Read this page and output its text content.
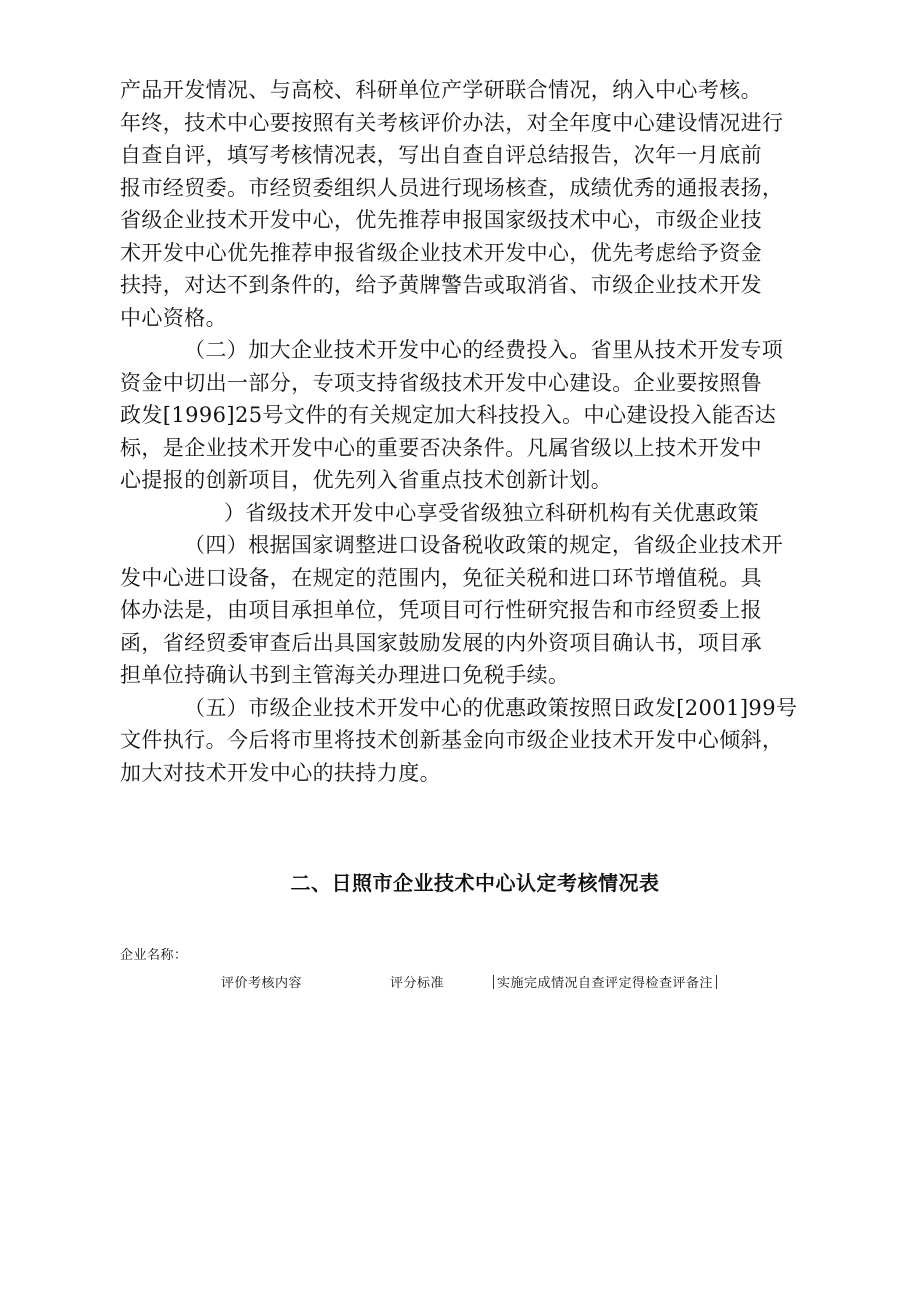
产品开发情况、与高校、科研单位产学研联合情况，纳入中心考核。
年终，技术中心要按照有关考核评价办法，对全年度中心建设情况进行
自查自评，填写考核情况表，写出自查自评总结报告，次年一月底前
报市经贸委。市经贸委组织人员进行现场核查，成绩优秀的通报表扬，
省级企业技术开发中心，优先推荐申报国家级技术中心，市级企业技
术开发中心优先推荐申报省级企业技术开发中心，优先考虑给予资金
扶持，对达不到条件的，给予黄牌警告或取消省、市级企业技术开发
中心资格。
（二）加大企业技术开发中心的经费投入。省里从技术开发专项
资金中切出一部分，专项支持省级技术开发中心建设。企业要按照鲁
政发[1996]25号文件的有关规定加大科技投入。中心建设投入能否达
标，是企业技术开发中心的重要否决条件。凡属省级以上技术开发中
心提报的创新项目，优先列入省重点技术创新计划。
）省级技术开发中心享受省级独立科研机构有关优惠政策
（四）根据国家调整进口设备税收政策的规定，省级企业技术开
发中心进口设备，在规定的范围内，免征关税和进口环节增值税。具
体办法是，由项目承担单位，凭项目可行性研究报告和市经贸委上报
函，省经贸委审查后出具国家鼓励发展的内外资项目确认书，项目承
担单位持确认书到主管海关办理进口免税手续。
（五）市级企业技术开发中心的优惠政策按照日政发[2001]99号
文件执行。今后将市里将技术创新基金向市级企业技术开发中心倾斜，
加大对技术开发中心的扶持力度。
二、日照市企业技术中心认定考核情况表
企业名称：
评价考核内容	评分标准	实施完成情况自查评定得检查评备注
